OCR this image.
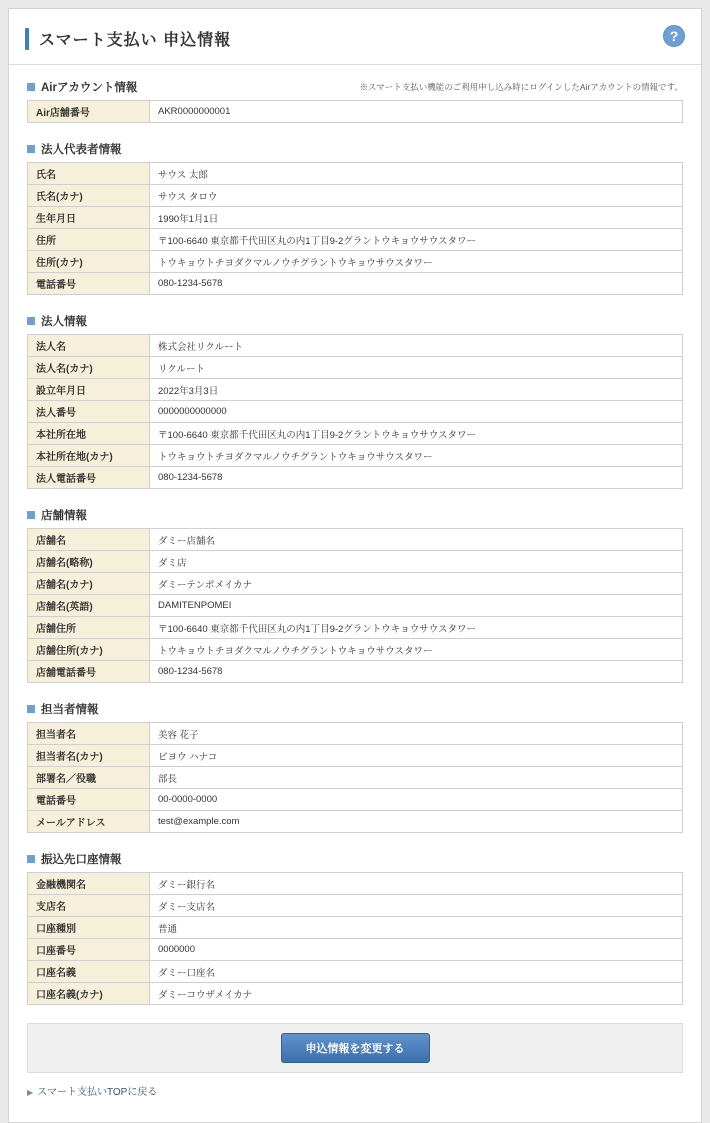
スマート支払い 申込情報	?
Airアカウント情報	※スマート支払い機能のご利用申し込み時にログインしたAirアカウントの情報です。
Air店舗番号	AKR0000000001
法人代表者情報
氏名	サウス 太郎
氏名(カナ)	サウス タロウ
生年月日	1990年1月1日
住所	〒100-6640 東京都千代田区丸の内1丁目9-2グラントウキョウサウスタワー
住所(カナ)	トウキョウトチヨダクマルノウチグラントウキョウサウスタワー
電話番号	080-1234-5678
法人情報
法人名	株式会社リクルート
法人名(カナ)	リクルート
設立年月日	2022年3月3日
法人番号	0000000000000
本社所在地	〒100-6640 東京都千代田区丸の内1丁目9-2グラントウキョウサウスタワー
本社所在地(カナ)	トウキョウトチヨダクマルノウチグラントウキョウサウスタワー
法人電話番号	080-1234-5678
店舗情報
店舗名	ダミー店舗名
店舗名(略称)	ダミ店
店舗名(カナ)	ダミーテンポメイカナ
店舗名(英語)	DAMITENPOMEI
店舗住所	〒100-6640 東京都千代田区丸の内1丁目9-2グラントウキョウサウスタワー
店舗住所(カナ)	トウキョウトチヨダクマルノウチグラントウキョウサウスタワー
店舗電話番号	080-1234-5678
担当者情報
担当者名	美容 花子
担当者名(カナ)	ビヨウ ハナコ
部署名／役職	部長
電話番号	00-0000-0000
メールアドレス	test@example.com
振込先口座情報
金融機関名	ダミー銀行名
支店名	ダミー支店名
口座種別	普通
口座番号	0000000
口座名義	ダミー口座名
口座名義(カナ)	ダミーコウザメイカナ
申込情報を変更する
▶ スマート支払いTOPに戻る
